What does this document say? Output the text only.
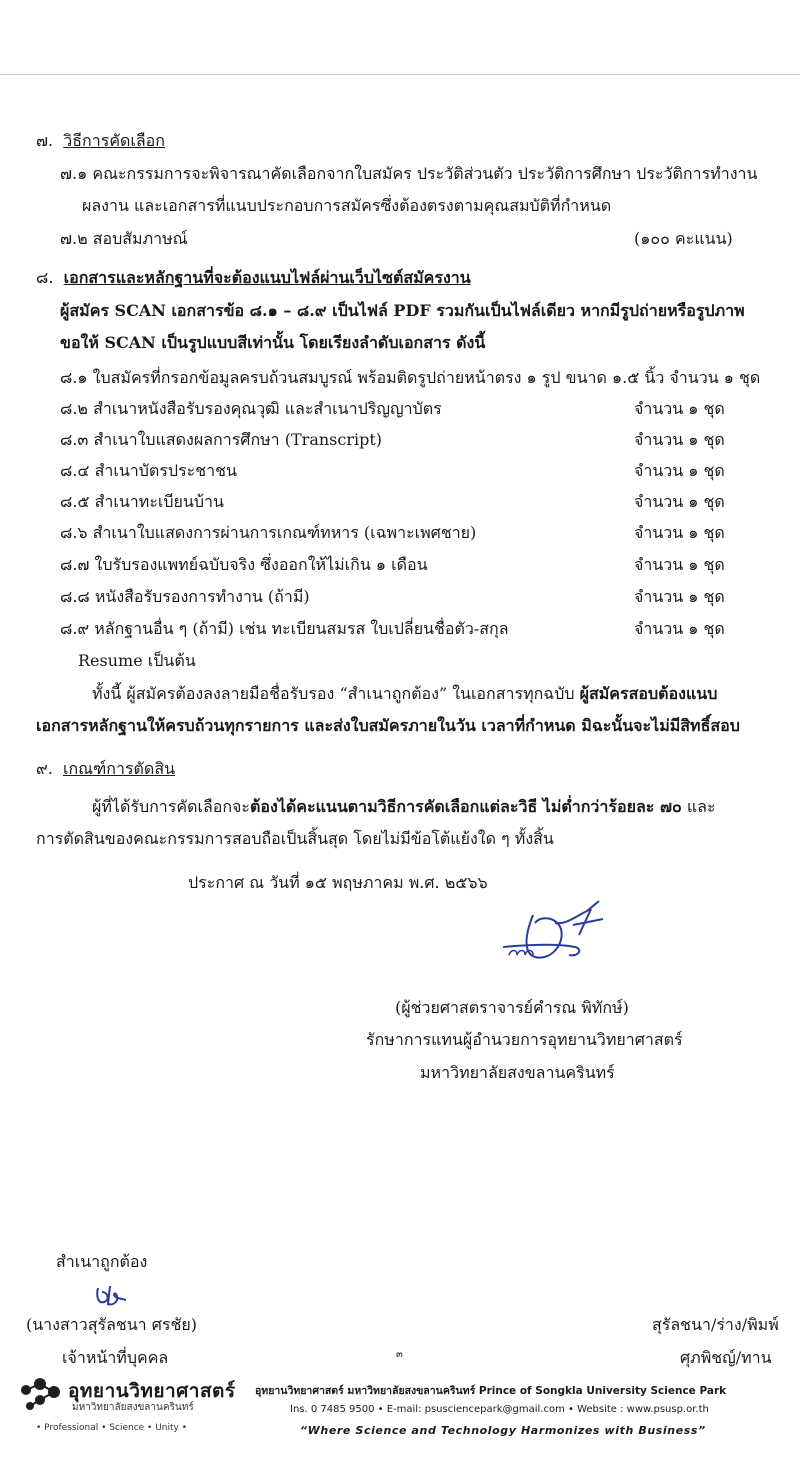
๗. วิธีการคัดเลือก
๗.๑ คณะกรรมการจะพิจารณาคัดเลือกจากใบสมัคร ประวัติส่วนตัว ประวัติการศึกษา ประวัติการทำงาน
ผลงาน และเอกสารที่แนบประกอบการสมัครซึ่งต้องตรงตามคุณสมบัติที่กำหนด
๗.๒ สอบสัมภาษณ์	(๑๐๐ คะแนน)
๘. เอกสารและหลักฐานที่จะต้องแนบไฟล์ผ่านเว็บไซต์สมัครงาน
ผู้สมัคร SCAN เอกสารข้อ ๘.๑ – ๘.๙ เป็นไฟล์ PDF รวมกันเป็นไฟล์เดียว หากมีรูปถ่ายหรือรูปภาพ
ขอให้ SCAN เป็นรูปแบบสีเท่านั้น โดยเรียงลำดับเอกสาร ดังนี้
๘.๑ ใบสมัครที่กรอกข้อมูลครบถ้วนสมบูรณ์ พร้อมติดรูปถ่ายหน้าตรง ๑ รูป ขนาด ๑.๕ นิ้ว จำนวน ๑ ชุด
๘.๒ สำเนาหนังสือรับรองคุณวุฒิ และสำเนาปริญญาบัตร	จำนวน ๑ ชุด
๘.๓ สำเนาใบแสดงผลการศึกษา (Transcript)	จำนวน ๑ ชุด
๘.๔ สำเนาบัตรประชาชน	จำนวน ๑ ชุด
๘.๕ สำเนาทะเบียนบ้าน	จำนวน ๑ ชุด
๘.๖ สำเนาใบแสดงการผ่านการเกณฑ์ทหาร (เฉพาะเพศชาย)	จำนวน ๑ ชุด
๘.๗ ใบรับรองแพทย์ฉบับจริง ซึ่งออกให้ไม่เกิน ๑ เดือน	จำนวน ๑ ชุด
๘.๘ หนังสือรับรองการทำงาน (ถ้ามี)	จำนวน ๑ ชุด
๘.๙ หลักฐานอื่น ๆ (ถ้ามี) เช่น ทะเบียนสมรส ใบเปลี่ยนชื่อตัว-สกุล	จำนวน ๑ ชุด
Resume เป็นต้น
ทั้งนี้ ผู้สมัครต้องลงลายมือชื่อรับรอง “สำเนาถูกต้อง” ในเอกสารทุกฉบับ ผู้สมัครสอบต้องแนบ
เอกสารหลักฐานให้ครบถ้วนทุกรายการ และส่งใบสมัครภายในวัน เวลาที่กำหนด มิฉะนั้นจะไม่มีสิทธิ์สอบ
๙. เกณฑ์การตัดสิน
ผู้ที่ได้รับการคัดเลือกจะต้องได้คะแนนตามวิธีการคัดเลือกแต่ละวิธี ไม่ต่ำกว่าร้อยละ ๗๐ และ
การตัดสินของคณะกรรมการสอบถือเป็นสิ้นสุด โดยไม่มีข้อโต้แย้งใด ๆ ทั้งสิ้น
ประกาศ ณ วันที่ ๑๕ พฤษภาคม พ.ศ. ๒๕๖๖
(ผู้ช่วยศาสตราจารย์คำรณ พิทักษ์)
รักษาการแทนผู้อำนวยการอุทยานวิทยาศาสตร์
มหาวิทยาลัยสงขลานครินทร์
สำเนาถูกต้อง
(นางสาวสุรัลชนา ศรชัย)
เจ้าหน้าที่บุคคล	๓
สุรัลชนา/ร่าง/พิมพ์
ศุภพิชญ์/ทาน
อุทยานวิทยาศาสตร์
มหาวิทยาลัยสงขลานครินทร์
• Professional • Science • Unity •
อุทยานวิทยาศาสตร์ มหาวิทยาลัยสงขลานครินทร์ Prince of Songkla University Science Park
Ins. 0 7485 9500 • E-mail: psusciencepark@gmail.com • Website : www.psusp.or.th
“Where Science and Technology Harmonizes with Business”
